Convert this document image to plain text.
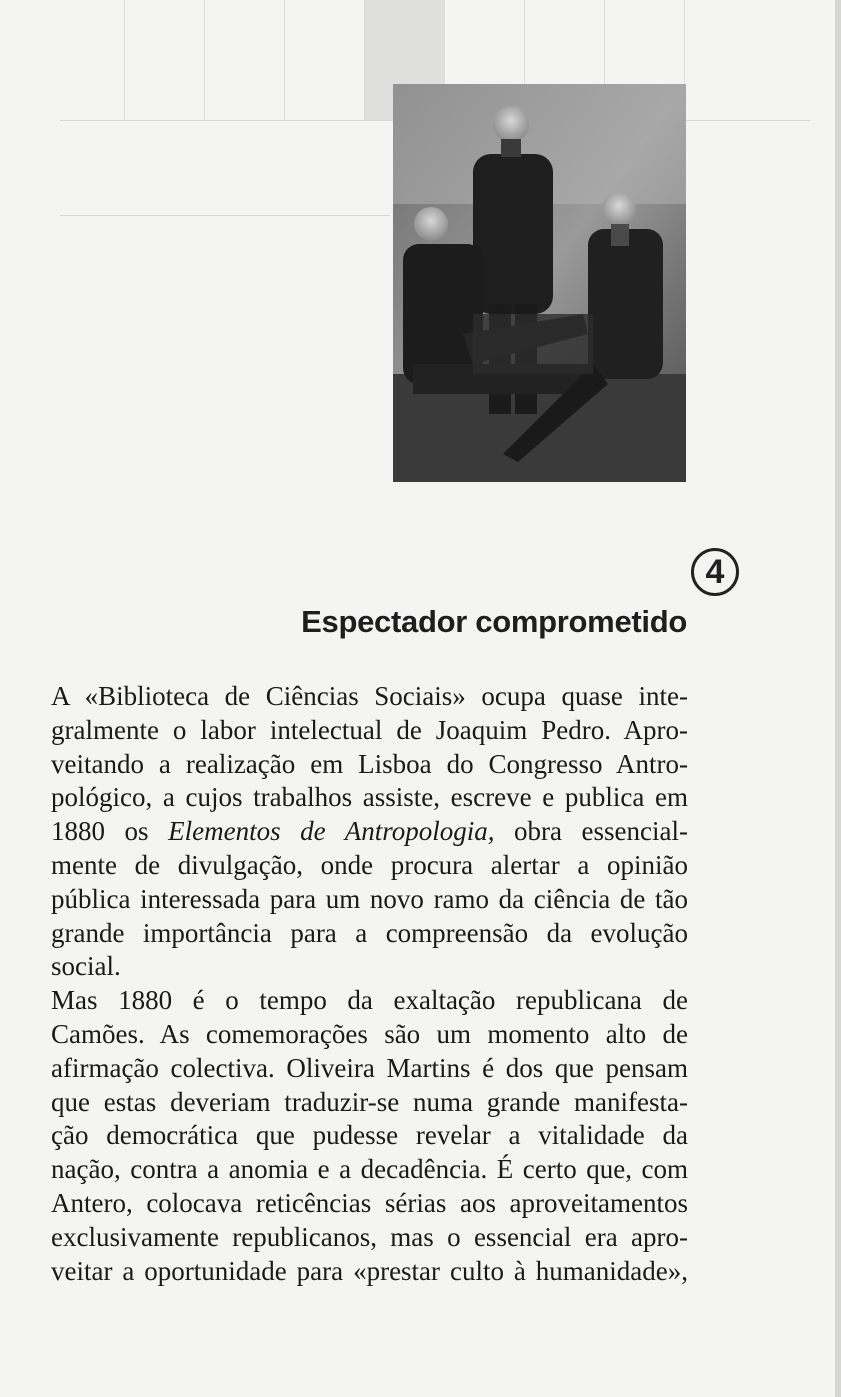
4
Espectador comprometido

A «Biblioteca de Ciências Sociais» ocupa quase inte-
gralmente o labor intelectual de Joaquim Pedro. Apro-
veitando a realização em Lisboa do Congresso Antro-
pológico, a cujos trabalhos assiste, escreve e publica em
1880 os Elementos de Antropologia, obra essencial-
mente de divulgação, onde procura alertar a opinião
pública interessada para um novo ramo da ciência de tão
grande importância para a compreensão da evolução
social.

Mas 1880 é o tempo da exaltação republicana de
Camões. As comemorações são um momento alto de
afirmação colectiva. Oliveira Martins é dos que pensam
que estas deveriam traduzir-se numa grande manifesta-
ção democrática que pudesse revelar a vitalidade da
nação, contra a anomia e a decadência. É certo que, com
Antero, colocava reticências sérias aos aproveitamentos
exclusivamente republicanos, mas o essencial era apro-
veitar a oportunidade para «prestar culto à humanidade»,
